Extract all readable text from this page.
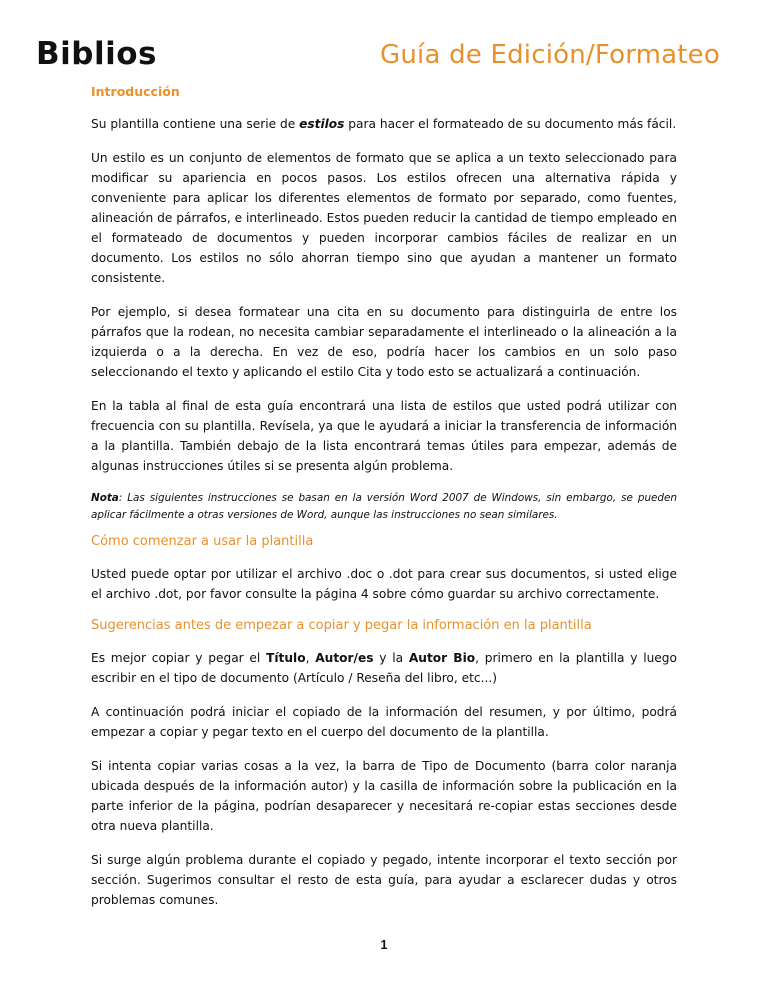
Biblios	Guía de Edición/Formateo
Introducción

Su plantilla contiene una serie de estilos para hacer el formateado de su documento más fácil.

Un estilo es un conjunto de elementos de formato que se aplica a un texto seleccionado para modificar su apariencia en pocos pasos. Los estilos ofrecen una alternativa rápida y conveniente para aplicar los diferentes elementos de formato por separado, como fuentes, alineación de párrafos, e interlineado. Estos pueden reducir la cantidad de tiempo empleado en el formateado de documentos y pueden incorporar cambios fáciles de realizar en un documento. Los estilos no sólo ahorran tiempo sino que ayudan a mantener un formato consistente.

Por ejemplo, si desea formatear una cita en su documento para distinguirla de entre los párrafos que la rodean, no necesita cambiar separadamente el interlineado o la alineación a la izquierda o a la derecha. En vez de eso, podría hacer los cambios en un solo paso seleccionando el texto y aplicando el estilo Cita y todo esto se actualizará a continuación.

En la tabla al final de esta guía encontrará una lista de estilos que usted podrá utilizar con frecuencia con su plantilla. Revísela, ya que le ayudará a iniciar la transferencia de información a la plantilla. También debajo de la lista encontrará temas útiles para empezar, además de algunas instrucciones útiles si se presenta algún problema.

Nota: Las siguientes instrucciones se basan en la versión Word 2007 de Windows, sin embargo, se pueden aplicar fácilmente a otras versiones de Word, aunque las instrucciones no sean similares.

Cómo comenzar a usar la plantilla

Usted puede optar por utilizar el archivo .doc o .dot para crear sus documentos, si usted elige el archivo .dot, por favor consulte la página 4 sobre cómo guardar su archivo correctamente.

Sugerencias antes de empezar a copiar y pegar la información en la plantilla

Es mejor copiar y pegar el Título, Autor/es y la Autor Bio, primero en la plantilla y luego escribir en el tipo de documento (Artículo / Reseña del libro, etc...)

A continuación podrá iniciar el copiado de la información del resumen, y por último, podrá empezar a copiar y pegar texto en el cuerpo del documento de la plantilla.

Si intenta copiar varias cosas a la vez, la barra de Tipo de Documento (barra color naranja ubicada después de la información autor) y la casilla de información sobre la publicación en la parte inferior de la página, podrían desaparecer y necesitará re-copiar estas secciones desde otra nueva plantilla.

Si surge algún problema durante el copiado y pegado, intente incorporar el texto sección por sección. Sugerimos consultar el resto de esta guía, para ayudar a esclarecer dudas y otros problemas comunes.

1
